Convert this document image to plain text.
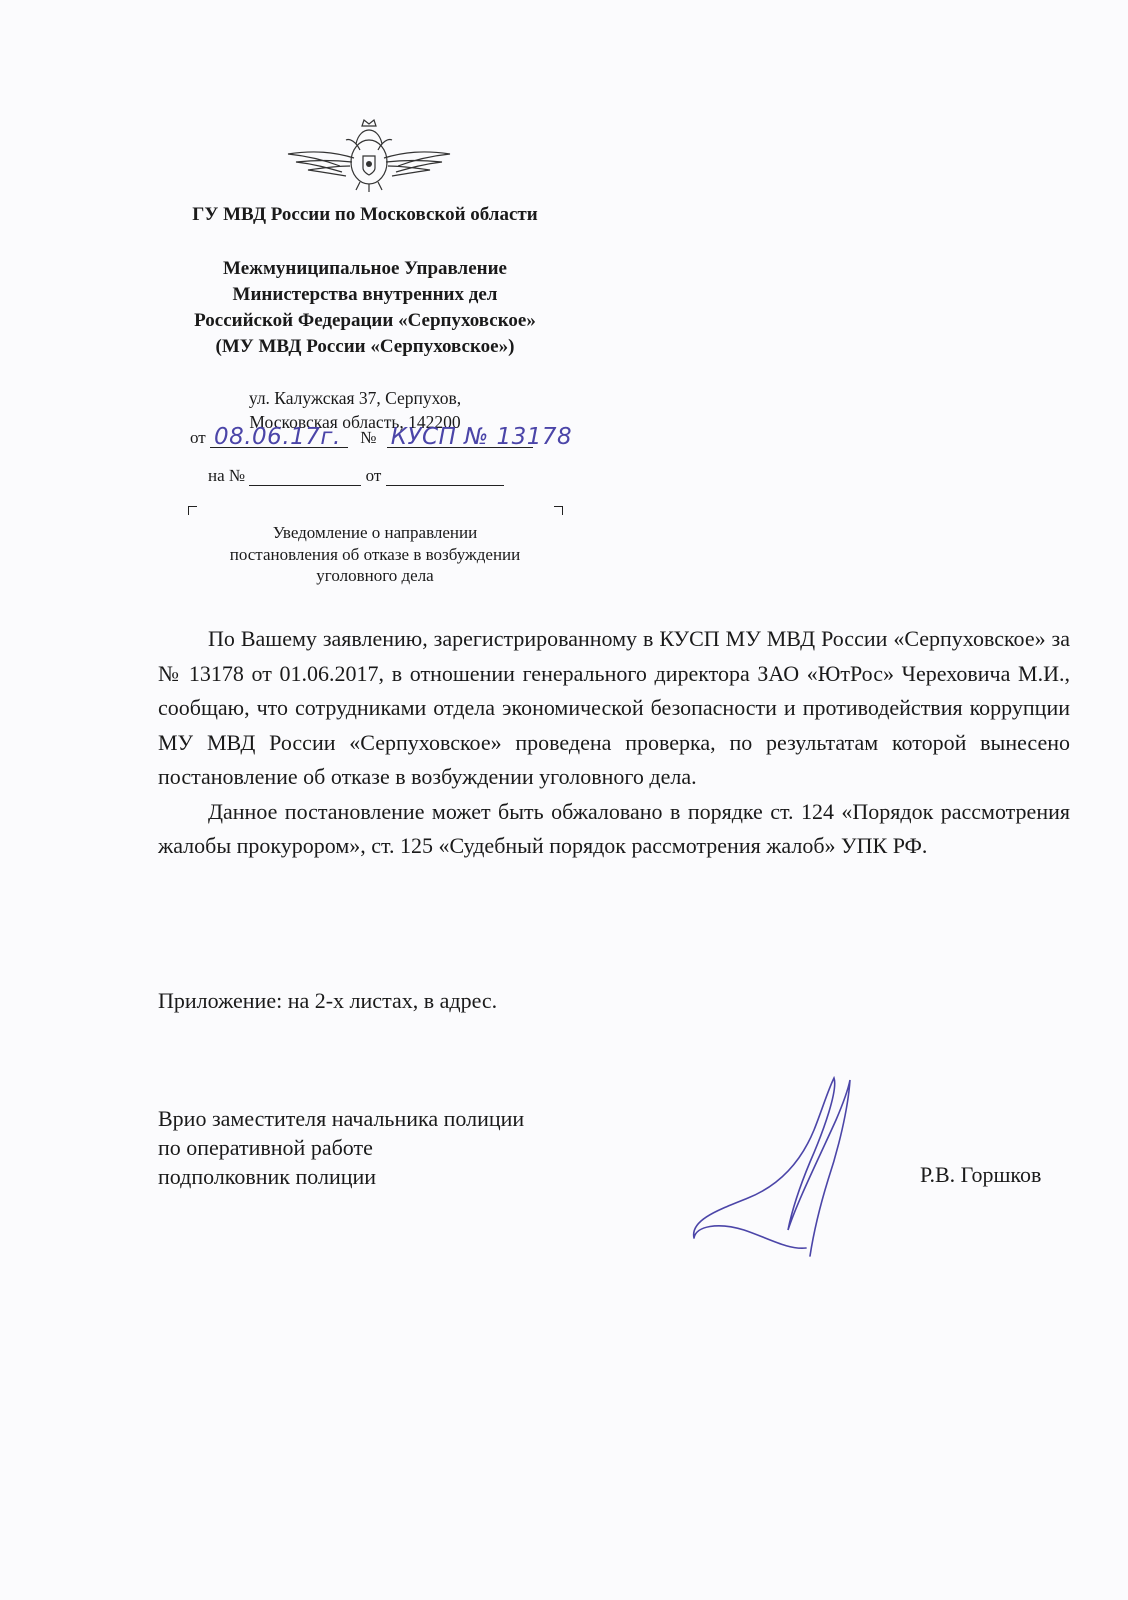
ГУ МВД России по Московской области
Межмуниципальное Управление
Министерства внутренних дел
Российской Федерации «Серпуховское»
(МУ МВД России «Серпуховское»)
ул. Калужская 37, Серпухов,
Московская область, 142200
от 08.06.17г. № КУСП № 13178
на №	от
Уведомление о направлении
постановления об отказе в возбуждении
уголовного дела

По Вашему заявлению, зарегистрированному в КУСП МУ МВД России «Серпуховское» за № 13178 от 01.06.2017, в отношении генерального директора ЗАО «ЮтРос» Череховича М.И., сообщаю, что сотрудниками отдела экономической безопасности и противодействия коррупции МУ МВД России «Серпуховское» проведена проверка, по результатам которой вынесено постановление об отказе в возбуждении уголовного дела.

Данное постановление может быть обжаловано в порядке ст. 124 «Порядок рассмотрения жалобы прокурором», ст. 125 «Судебный порядок рассмотрения жалоб» УПК РФ.

Приложение: на 2-х листах, в адрес.
Врио заместителя начальника полиции
по оперативной работе
подполковник полиции	Р.В. Горшков
